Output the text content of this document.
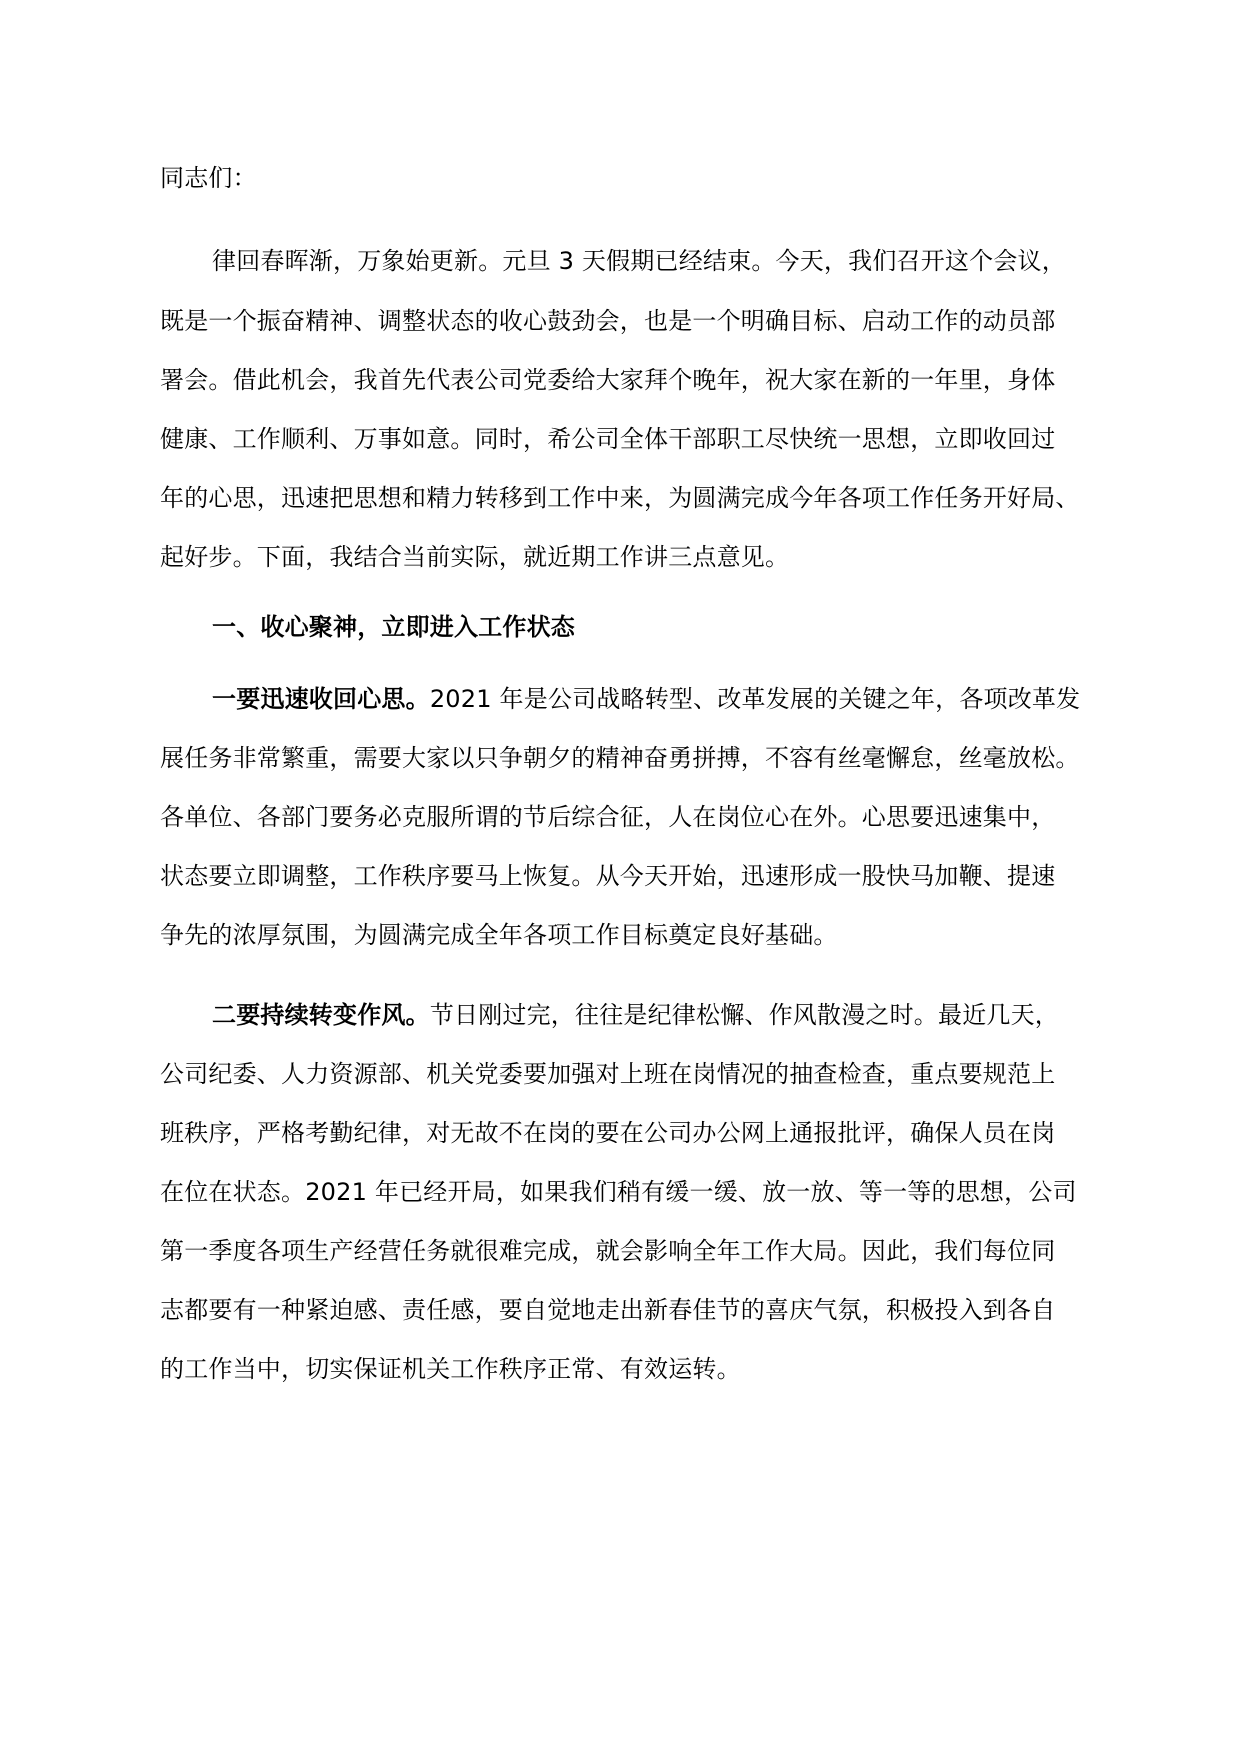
同志们：
律回春晖渐，万象始更新。元旦 3 天假期已经结束。今天，我们召开这个会议，
既是一个振奋精神、调整状态的收心鼓劲会，也是一个明确目标、启动工作的动员部
署会。借此机会，我首先代表公司党委给大家拜个晚年，祝大家在新的一年里，身体
健康、工作顺利、万事如意。同时，希公司全体干部职工尽快统一思想，立即收回过
年的心思，迅速把思想和精力转移到工作中来，为圆满完成今年各项工作任务开好局、
起好步。下面，我结合当前实际，就近期工作讲三点意见。
一、收心聚神，立即进入工作状态
一要迅速收回心思。2021 年是公司战略转型、改革发展的关键之年，各项改革发
展任务非常繁重，需要大家以只争朝夕的精神奋勇拼搏，不容有丝毫懈怠，丝毫放松。
各单位、各部门要务必克服所谓的节后综合征，人在岗位心在外。心思要迅速集中，
状态要立即调整，工作秩序要马上恢复。从今天开始，迅速形成一股快马加鞭、提速
争先的浓厚氛围，为圆满完成全年各项工作目标奠定良好基础。
二要持续转变作风。节日刚过完，往往是纪律松懈、作风散漫之时。最近几天，
公司纪委、人力资源部、机关党委要加强对上班在岗情况的抽查检查，重点要规范上
班秩序，严格考勤纪律，对无故不在岗的要在公司办公网上通报批评，确保人员在岗
在位在状态。2021 年已经开局，如果我们稍有缓一缓、放一放、等一等的思想，公司
第一季度各项生产经营任务就很难完成，就会影响全年工作大局。因此，我们每位同
志都要有一种紧迫感、责任感，要自觉地走出新春佳节的喜庆气氛，积极投入到各自
的工作当中，切实保证机关工作秩序正常、有效运转。
